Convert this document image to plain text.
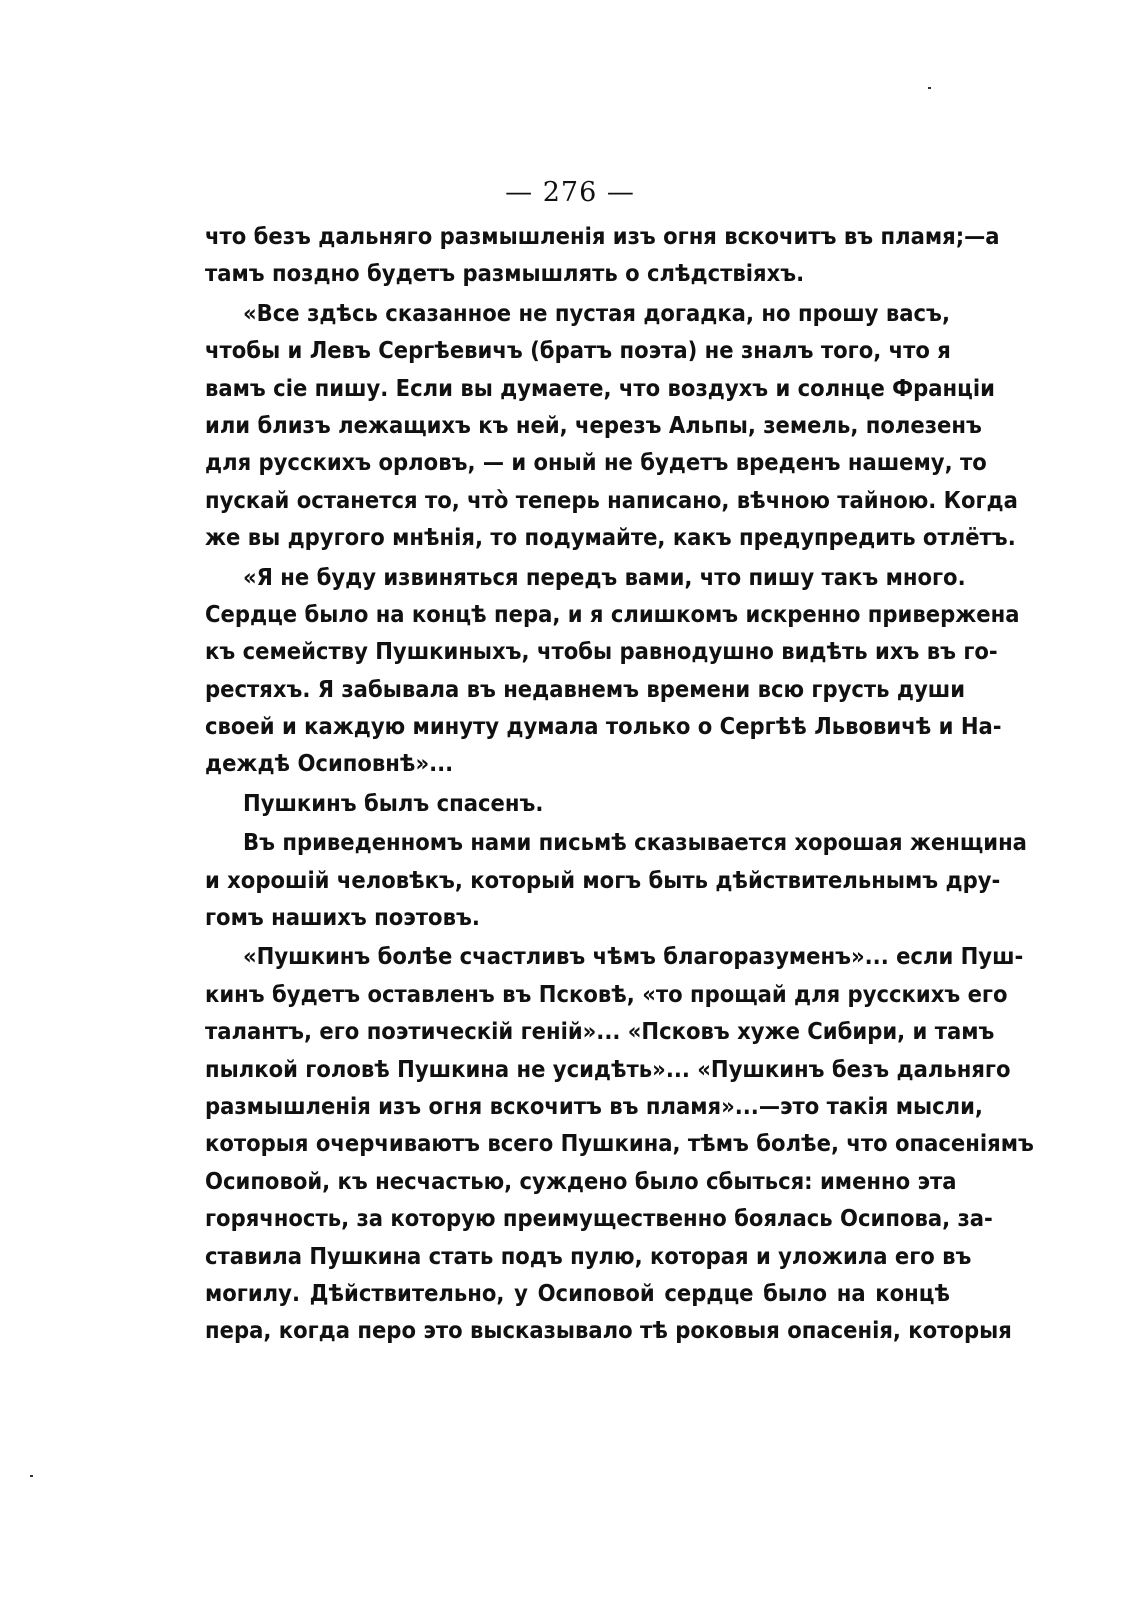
— 276 —
что безъ дальняго размышленія изъ огня вскочитъ въ пламя;—а
тамъ поздно будетъ размышлять о слѣдствіяхъ.
«Все здѣсь сказанное не пустая догадка, но прошу васъ,
чтобы и Левъ Сергѣевичъ (братъ поэта) не зналъ того, что я
вамъ сіе пишу. Если вы думаете, что воздухъ и солнце Франціи
или близъ лежащихъ къ ней, черезъ Альпы, земель, полезенъ
для русскихъ орловъ, — и оный не будетъ вреденъ нашему, то
пускай останется то, что̀ теперь написано, вѣчною тайною. Когда
же вы другого мнѣнія, то подумайте, какъ предупредить отлётъ.
«Я не буду извиняться передъ вами, что пишу такъ много.
Сердце было на концѣ пера, и я слишкомъ искренно привержена
къ семейству Пушкиныхъ, чтобы равнодушно видѣть ихъ въ го-
рестяхъ. Я забывала въ недавнемъ времени всю грусть души
своей и каждую минуту думала только о Сергѣѣ Львовичѣ и На-
деждѣ Осиповнѣ»...
Пушкинъ былъ спасенъ.
Въ приведенномъ нами письмѣ сказывается хорошая женщина
и хорошій человѣкъ, который могъ быть дѣйствительнымъ дру-
гомъ нашихъ поэтовъ.
«Пушкинъ болѣе счастливъ чѣмъ благоразуменъ»... если Пуш-
кинъ будетъ оставленъ въ Псковѣ, «то прощай для русскихъ его
талантъ, его поэтическій геній»... «Псковъ хуже Сибири, и тамъ
пылкой головѣ Пушкина не усидѣть»... «Пушкинъ безъ дальняго
размышленія изъ огня вскочитъ въ пламя»...—это такія мысли,
которыя очерчиваютъ всего Пушкина, тѣмъ болѣе, что опасеніямъ
Осиповой, къ несчастью, суждено было сбыться: именно эта
горячность, за которую преимущественно боялась Осипова, за-
ставила Пушкина стать подъ пулю, которая и уложила его въ
могилу. Дѣйствительно, у Осиповой сердце было на концѣ
пера, когда перо это высказывало тѣ роковыя опасенія, которыя
